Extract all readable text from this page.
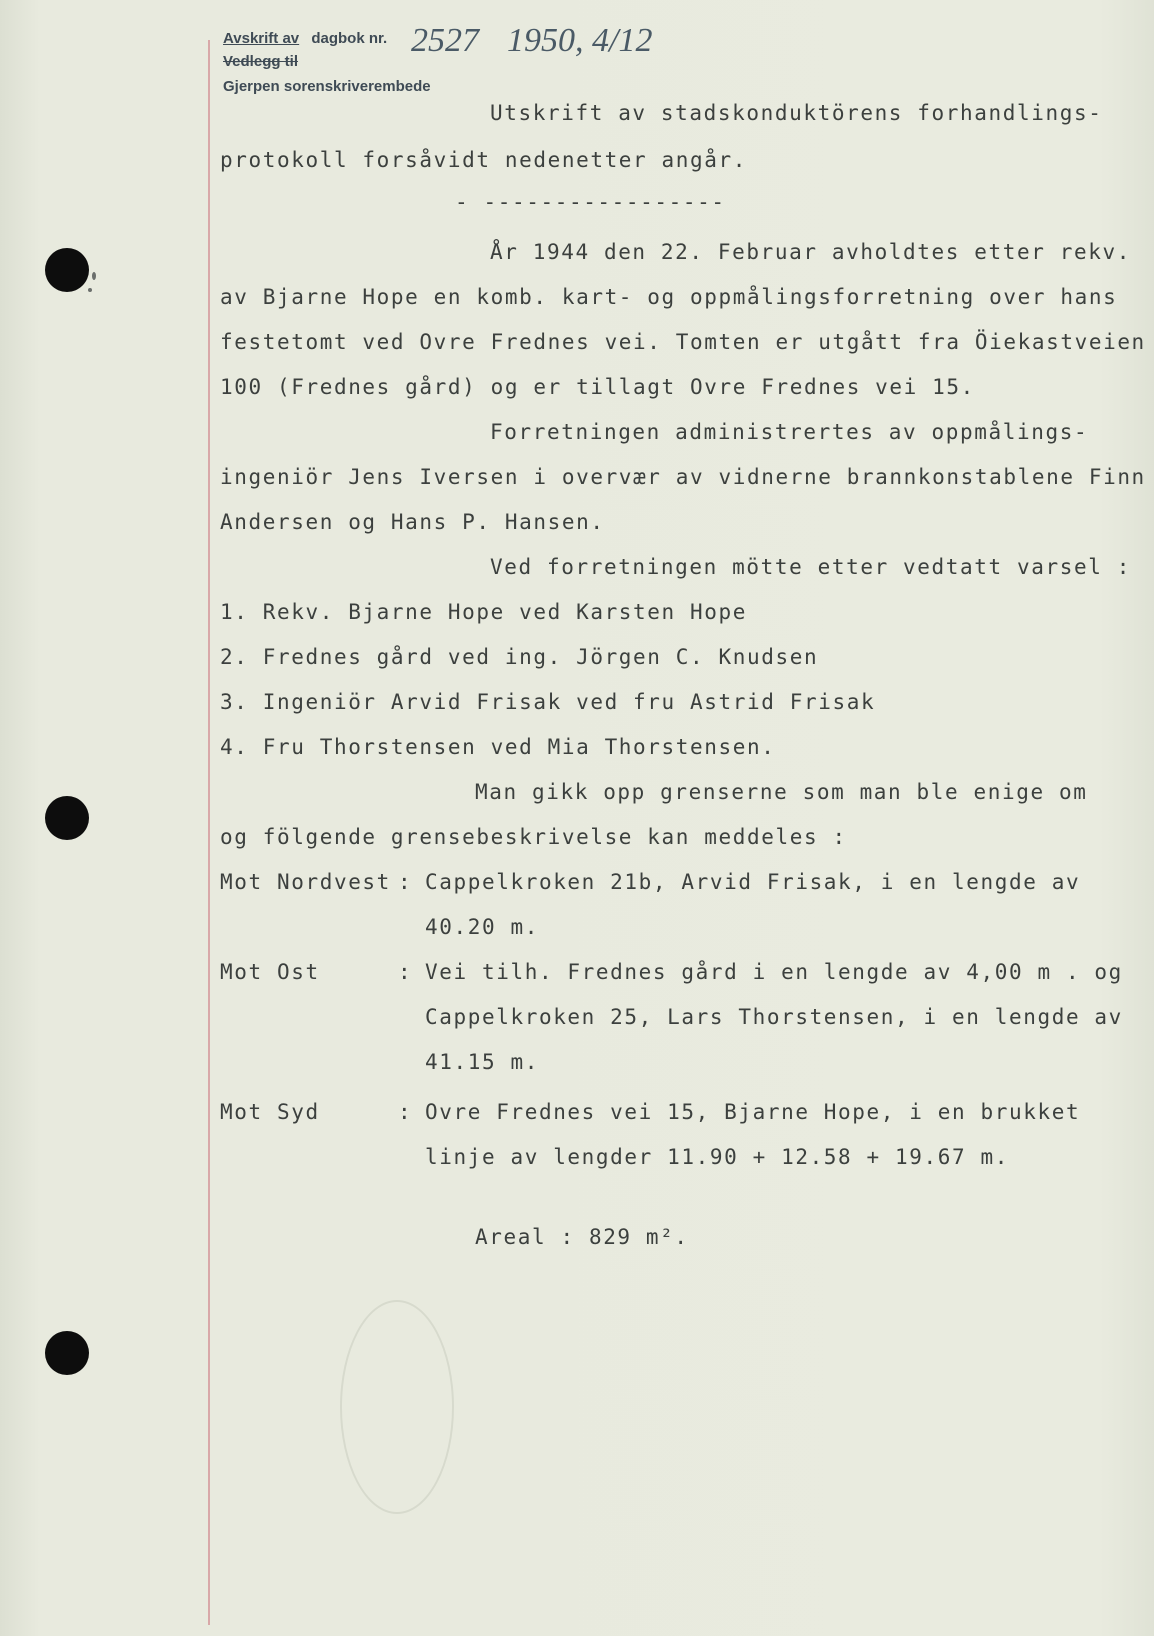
Avskrift av dagbok nr. 2527 1950, 4/12
Vedlegg til
Gjerpen sorenskriverembede
Utskrift av stadskonduktörens forhandlings-
protokoll forsåvidt nedenetter angår.
- -----------------
År 1944 den 22. Februar avholdtes etter rekv.
av Bjarne Hope en komb. kart- og oppmålingsforretning over hans
festetomt ved Ovre Frednes vei. Tomten er utgått fra Öiekastveien
100 (Frednes gård) og er tillagt Ovre Frednes vei 15.
Forretningen administrertes av oppmålings-
ingeniör Jens Iversen i overvær av vidnerne brannkonstablene Finn
Andersen og Hans P. Hansen.
Ved forretningen mötte etter vedtatt varsel :
1. Rekv. Bjarne Hope ved Karsten Hope
2. Frednes gård ved ing. Jörgen C. Knudsen
3. Ingeniör Arvid Frisak ved fru Astrid Frisak
4. Fru Thorstensen ved Mia Thorstensen.
Man gikk opp grenserne som man ble enige om
og fölgende grensebeskrivelse kan meddeles :
Mot Nordvest : Cappelkroken 21b, Arvid Frisak, i en lengde av
40.20 m.
Mot Ost	: Vei tilh. Frednes gård i en lengde av 4,00 m . og
Cappelkroken 25, Lars Thorstensen, i en lengde av
41.15 m.
Mot Syd	: Ovre Frednes vei 15, Bjarne Hope, i en brukket
linje av lengder 11.90 + 12.58 + 19.67 m.
Areal : 829 m².
